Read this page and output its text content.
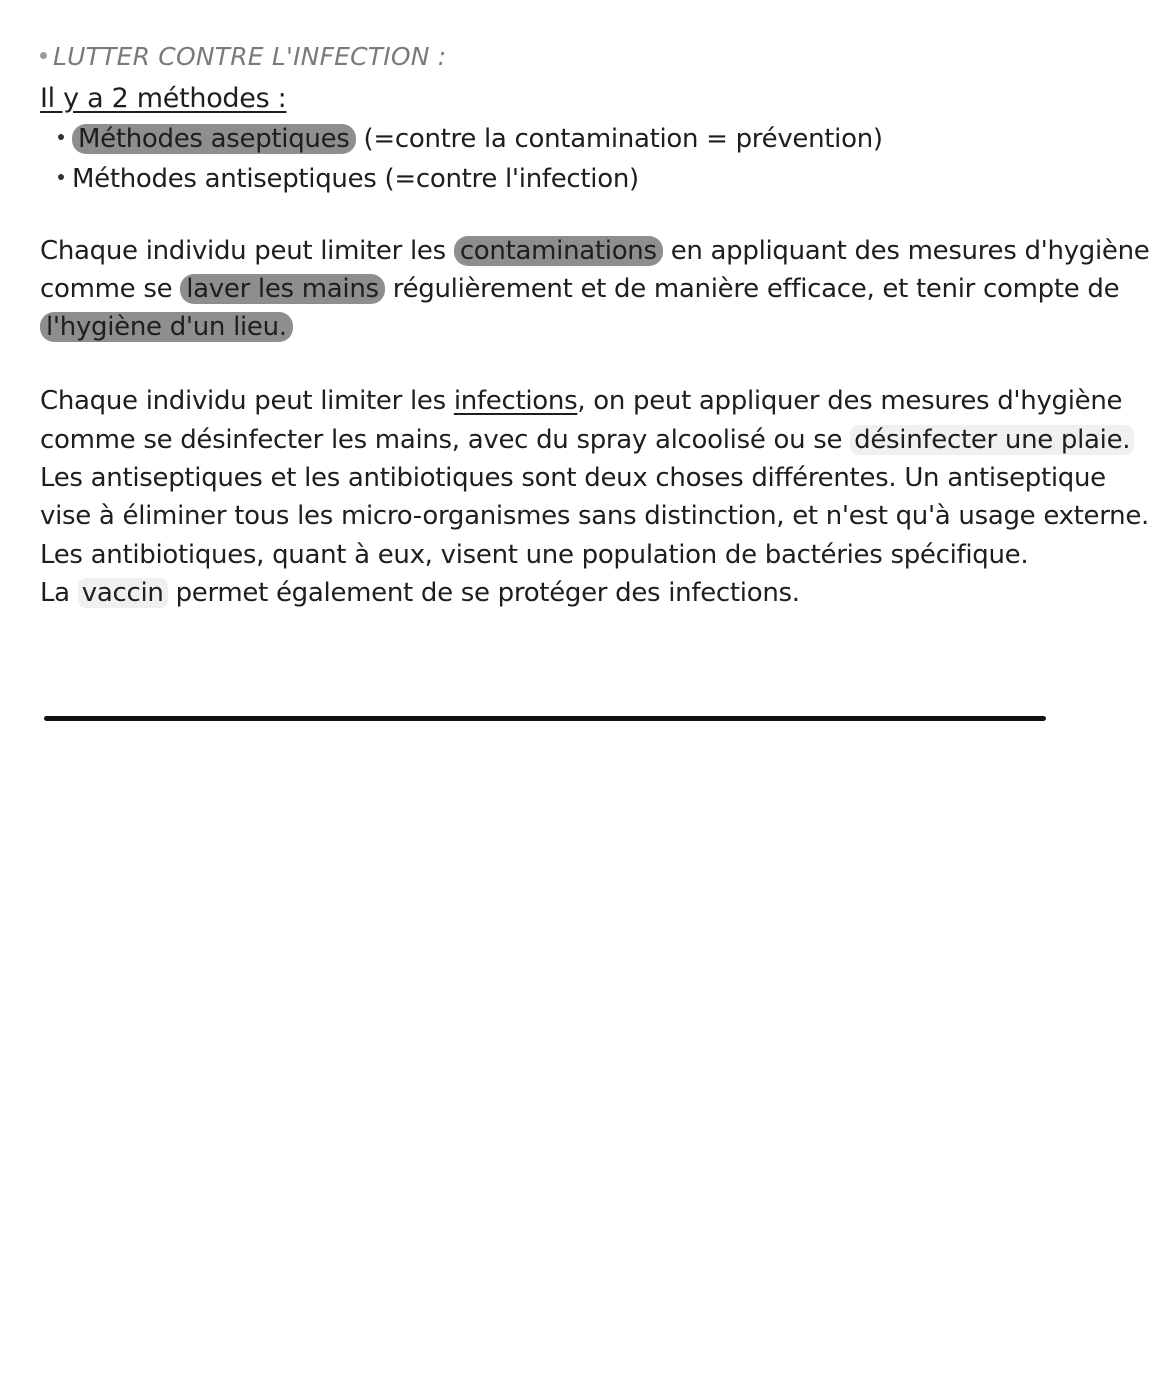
LUTTER CONTRE L'INFECTION :
Il y a 2 méthodes :
Méthodes aseptiques (=contre la contamination = prévention)
Méthodes antiseptiques (=contre l'infection)
Chaque individu peut limiter les contaminations en appliquant des mesures d'hygiène
comme se laver les mains régulièrement et de manière efficace, et tenir compte de
l'hygiène d'un lieu.
Chaque individu peut limiter les infections, on peut appliquer des mesures d'hygiène
comme se désinfecter les mains, avec du spray alcoolisé ou se désinfecter une plaie.
Les antiseptiques et les antibiotiques sont deux choses différentes. Un antiseptique
vise à éliminer tous les micro-organismes sans distinction, et n'est qu'à usage externe.
Les antibiotiques, quant à eux, visent une population de bactéries spécifique.
La vaccin permet également de se protéger des infections.
